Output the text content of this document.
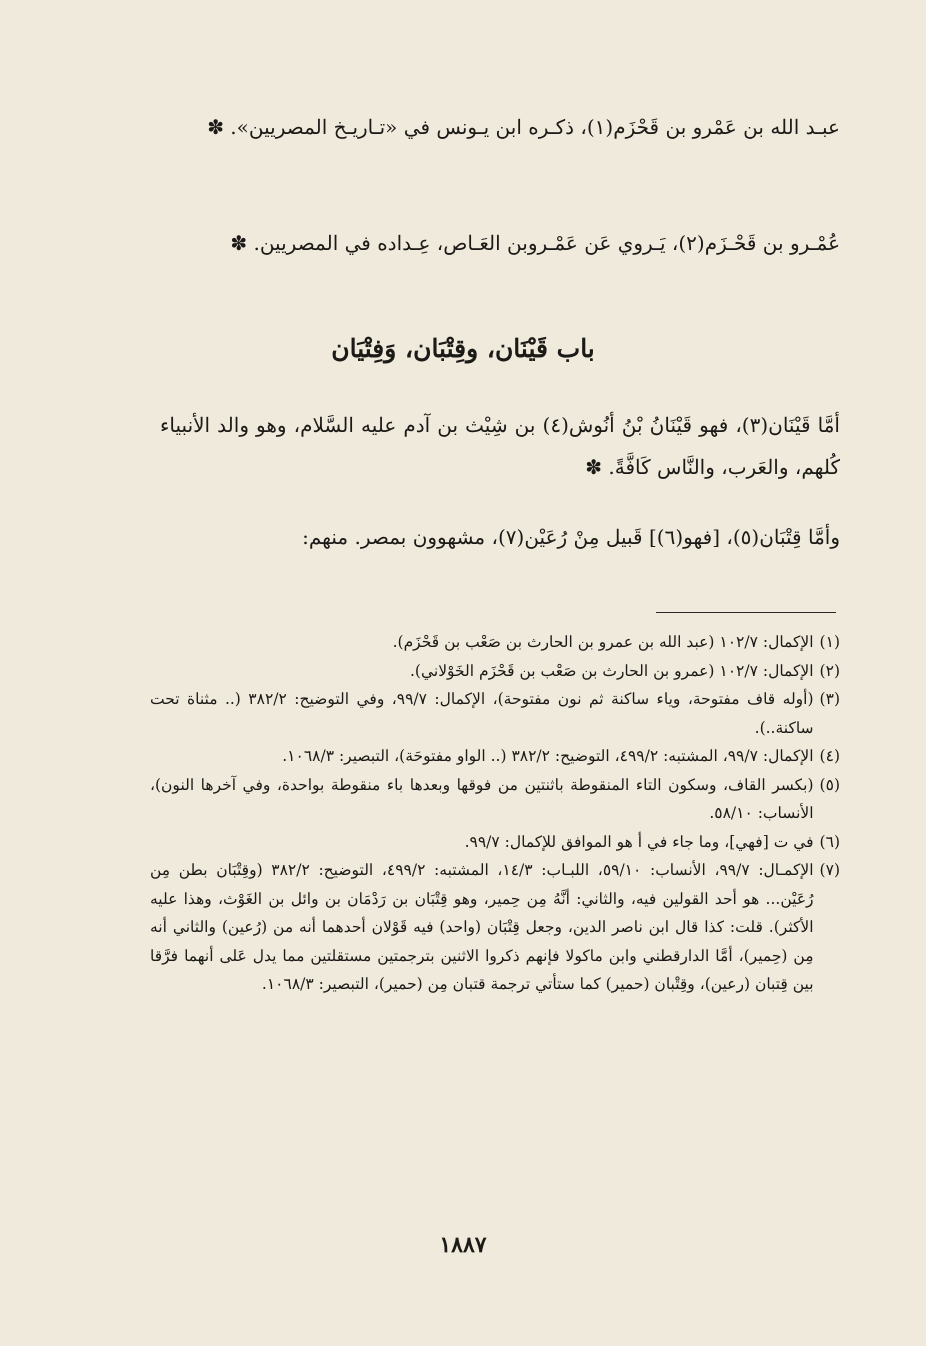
عبـد الله بن عَمْرو بن قَحْزَم(١)، ذكـره ابن يـونس في «تـاريـخ المصريين». ✽
عُمْـرو بن قَحْـزَم(٢)، يَـروي عَن عَمْـروبن العَـاص، عِـداده في المصريين. ✽
باب قَيْنَان، وقِتْبَان، وَفِتْيَان
أمَّا قَيْنَان(٣)، فهو قَيْنَانُ بْنُ أنُوش(٤) بن شِيْث بن آدم عليه السَّلام، وهو والد الأنبياء كُلهم، والعَرب، والنَّاس كَافَّةً. ✽
وأمَّا قِتْبَان(٥)، [فهو(٦)] قَبيل مِنْ رُعَيْن(٧)، مشهوون بمصر. منهم:
(١)
الإكمال: ١٠٢/٧ (عبد الله بن عمرو بن الحارث بن صَعْب بن قَحْزَم).
(٢)
الإكمال: ١٠٢/٧ (عمرو بن الحارث بن صَعْب بن قَحْزَم الخَوْلاني).
(٣)
(أوله قاف مفتوحة، وياء ساكنة ثم نون مفتوحة)، الإكمال: ٩٩/٧، وفي التوضيح: ٣٨٢/٢ (.. مثناة تحت ساكنة..).
(٤)
الإكمال: ٩٩/٧، المشتبه: ٤٩٩/٢، التوضيح: ٣٨٢/٢ (.. الواو مفتوحَة)، التبصير: ١٠٦٨/٣.
(٥)
(بكسر القاف، وسكون التاء المنقوطة باثنتين من فوقها وبعدها باء منقوطة بواحدة، وفي آخرها النون)، الأنساب: ٥٨/١٠.
(٦)
في ت [فهي]، وما جاء في أ هو الموافق للإكمال: ٩٩/٧.
(٧)
الإكمـال: ٩٩/٧، الأنساب: ٥٩/١٠، اللبـاب: ١٤/٣، المشتبه: ٤٩٩/٢، التوضيح: ٣٨٢/٢ (وقِتْبَان بطن مِن رُعَيْن... هو أحد القولين فيه، والثاني: أنَّهُ مِن حِمير، وهو قِتْبَان بن رَدْمَان بن وائل بن الغَوْث، وهذا عليه الأكثر). قلت: كذا قال ابن ناصر الدين، وجعل قِتْبَان (واحد) فيه قَوْلان أحدهما أنه من (رُعين) والثاني أنه مِن (حِمير)، أمَّا الدارقطني وابن ماكولا فإنهم ذكروا الاثنين بترجمتين مستقلتين مما يدل عَلى أنهما فرَّقا بين قِتبان (رعين)، وقِتْبان (حمير) كما ستأتي ترجمة قتبان مِن (حمير)، التبصير: ١٠٦٨/٣.
١٨٨٧
